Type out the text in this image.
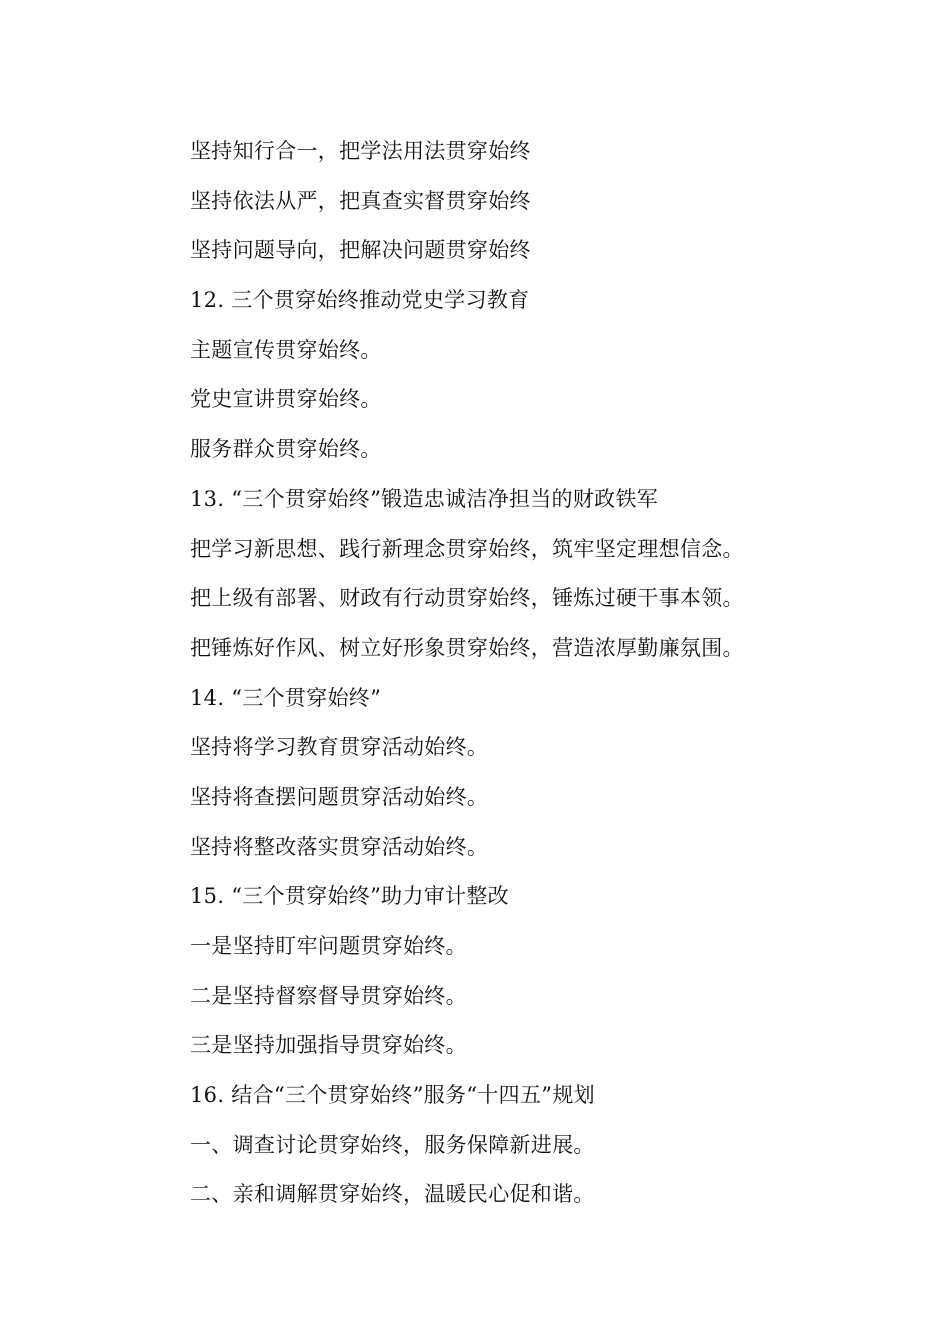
坚持知行合一，把学法用法贯穿始终
坚持依法从严，把真查实督贯穿始终
坚持问题导向，把解决问题贯穿始终
12. 三个贯穿始终推动党史学习教育
主题宣传贯穿始终。
党史宣讲贯穿始终。
服务群众贯穿始终。
13. “三个贯穿始终”锻造忠诚洁净担当的财政铁军
把学习新思想、践行新理念贯穿始终，筑牢坚定理想信念。
把上级有部署、财政有行动贯穿始终，锤炼过硬干事本领。
把锤炼好作风、树立好形象贯穿始终，营造浓厚勤廉氛围。
14. “三个贯穿始终”
坚持将学习教育贯穿活动始终。
坚持将查摆问题贯穿活动始终。
坚持将整改落实贯穿活动始终。
15. “三个贯穿始终”助力审计整改
一是坚持盯牢问题贯穿始终。
二是坚持督察督导贯穿始终。
三是坚持加强指导贯穿始终。
16. 结合“三个贯穿始终”服务“十四五”规划
一、调查讨论贯穿始终，服务保障新进展。
二、亲和调解贯穿始终，温暖民心促和谐。
